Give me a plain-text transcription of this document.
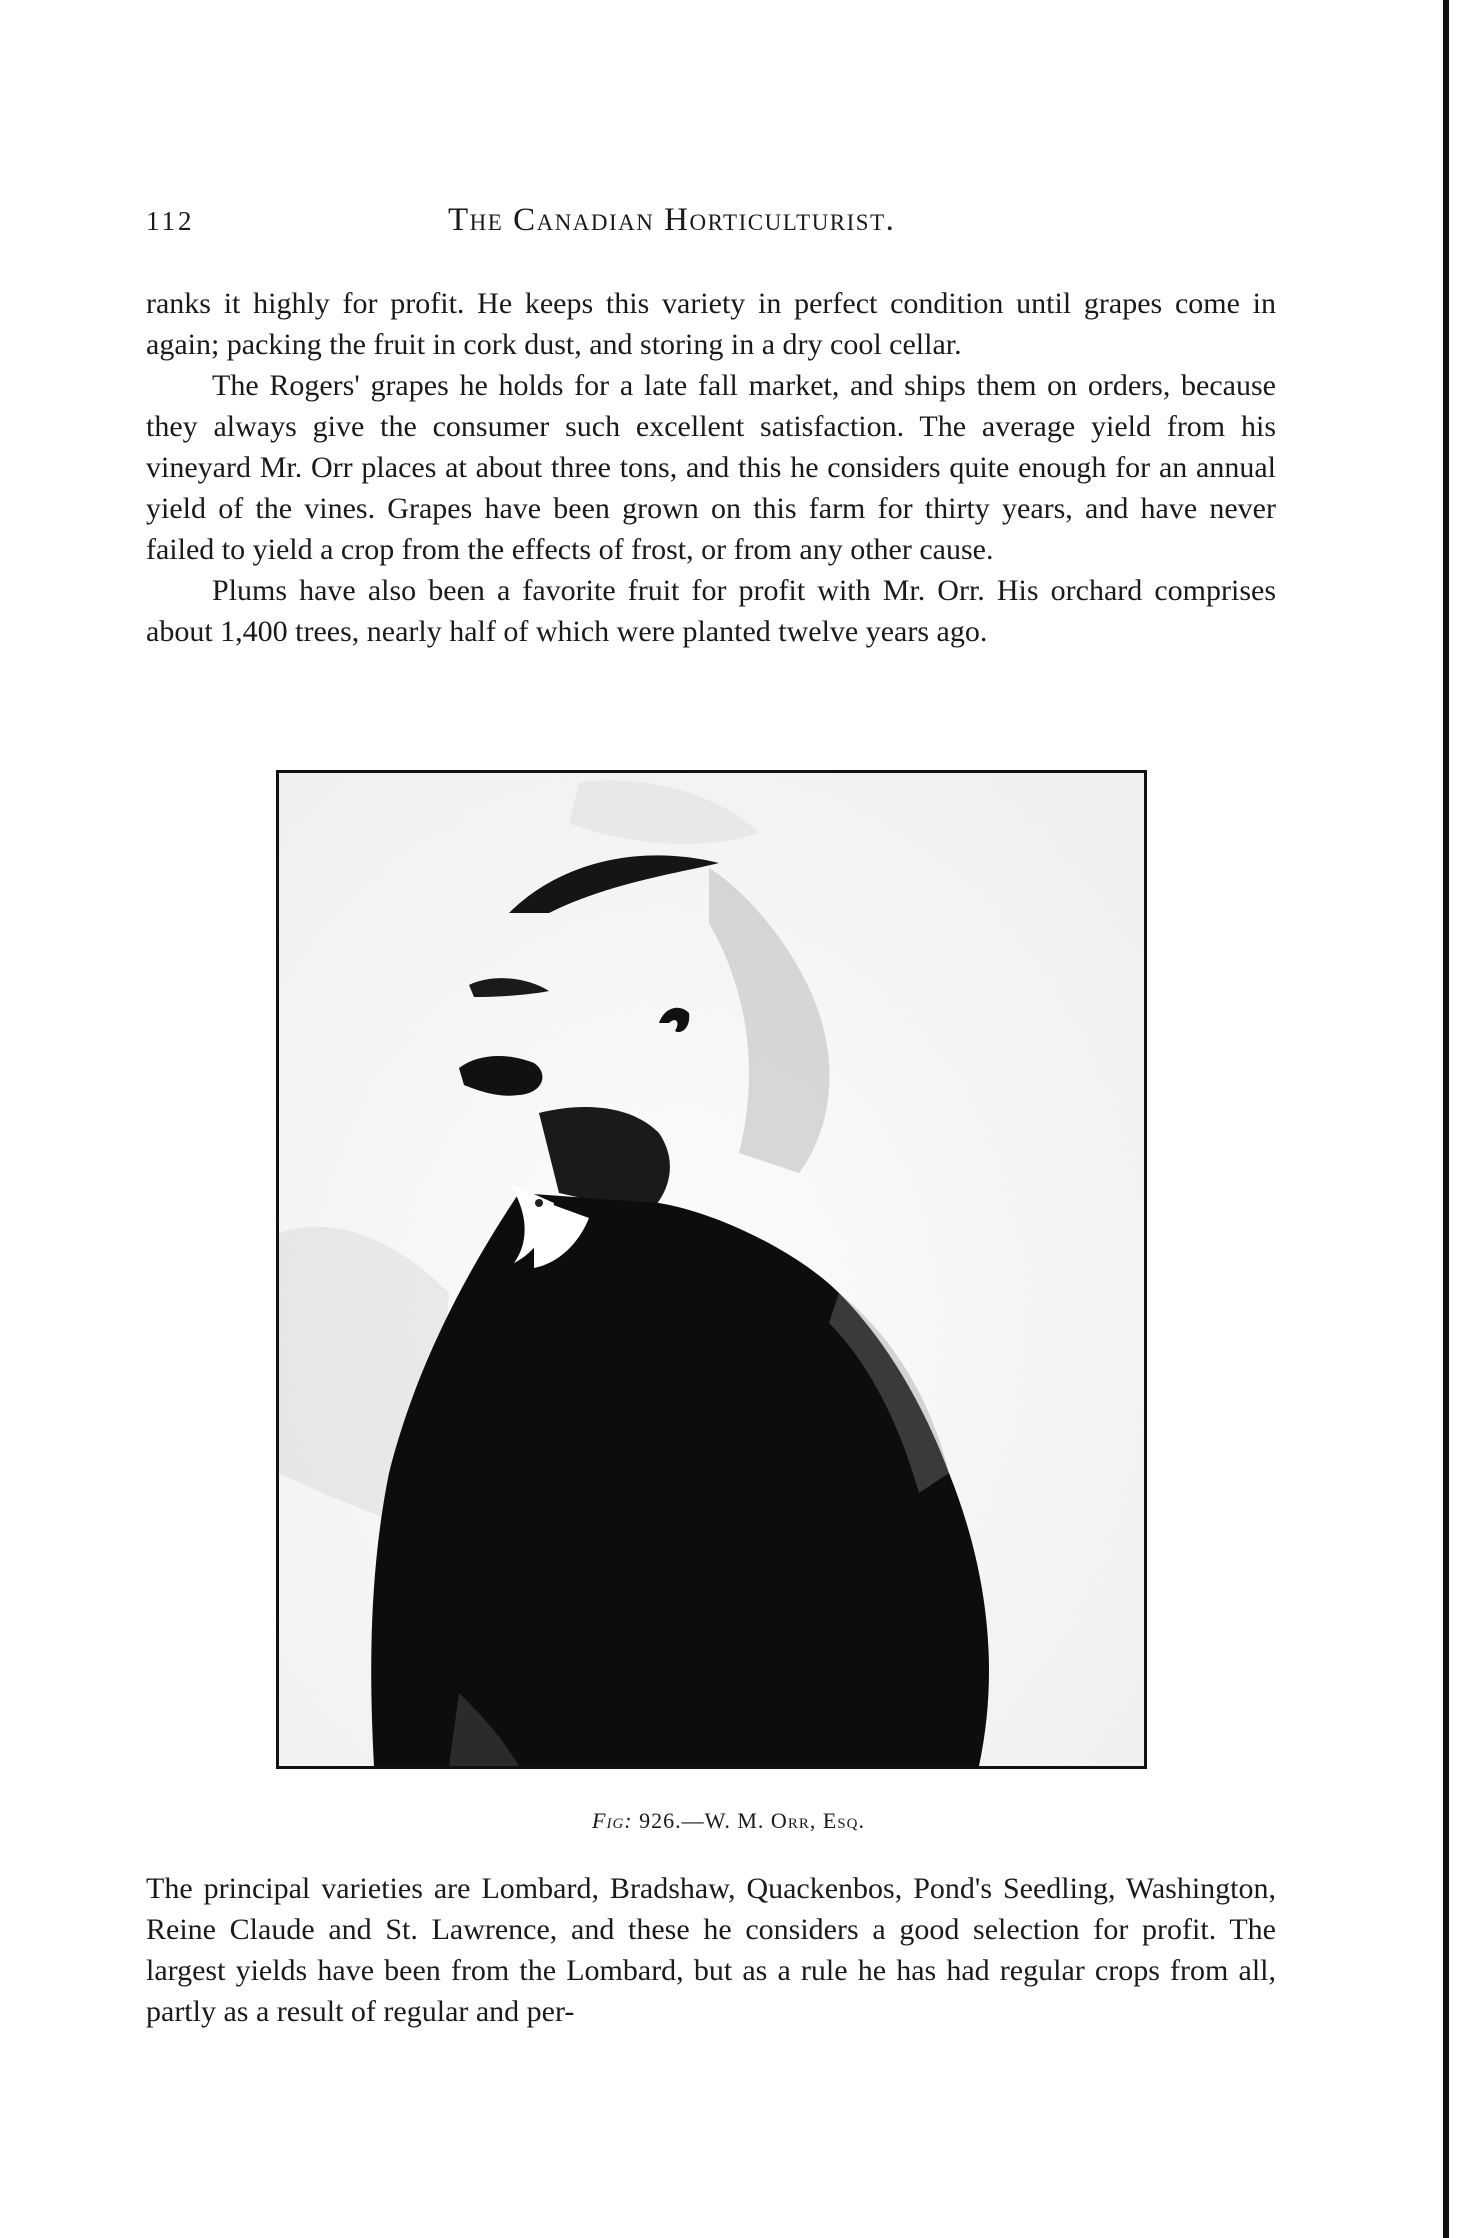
112	The Canadian Horticulturist.

ranks it highly for profit. He keeps this variety in perfect condition until grapes come in again; packing the fruit in cork dust, and storing in a dry cool cellar.

The Rogers' grapes he holds for a late fall market, and ships them on orders, because they always give the consumer such excellent satisfaction. The average yield from his vineyard Mr. Orr places at about three tons, and this he considers quite enough for an annual yield of the vines. Grapes have been grown on this farm for thirty years, and have never failed to yield a crop from the effects of frost, or from any other cause.

Plums have also been a favorite fruit for profit with Mr. Orr. His orchard comprises about 1,400 trees, nearly half of which were planted twelve years ago.

Fig: 926.—W. M. Orr, Esq.

The principal varieties are Lombard, Bradshaw, Quackenbos, Pond's Seedling, Washington, Reine Claude and St. Lawrence, and these he considers a good selection for profit. The largest yields have been from the Lombard, but as a rule he has had regular crops from all, partly as a result of regular and per-
